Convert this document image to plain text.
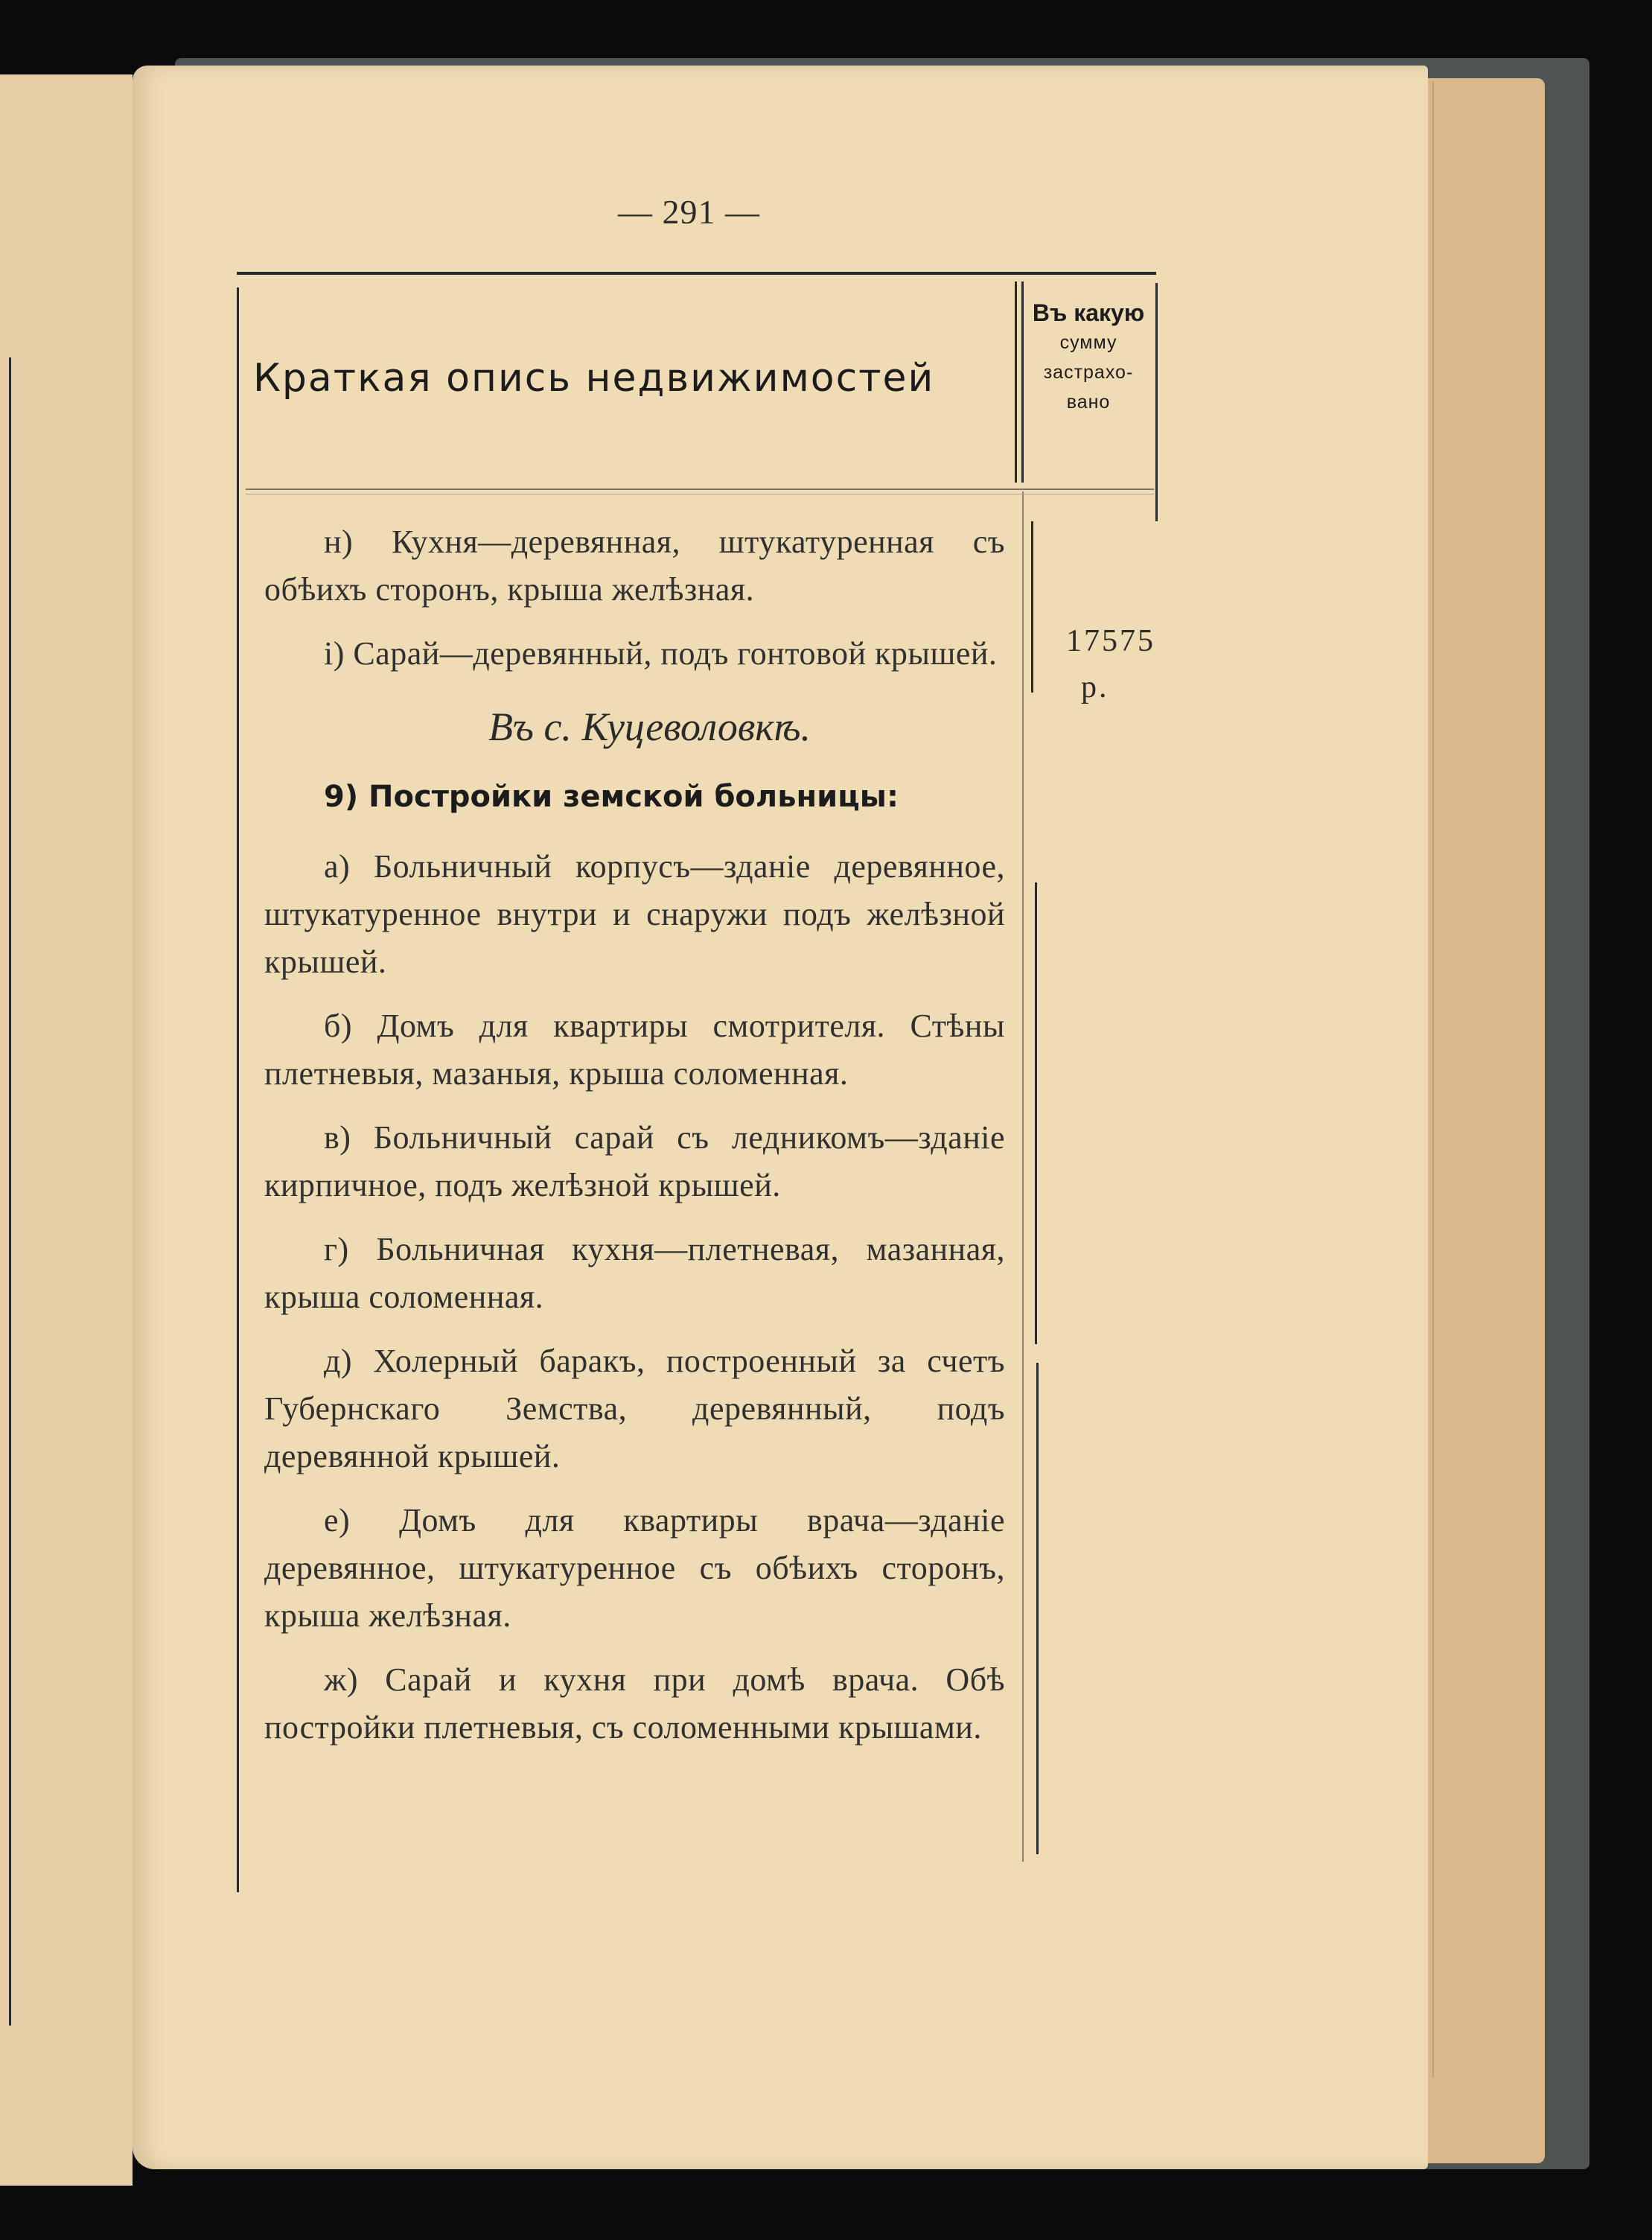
— 291 —
Краткая опись недвижимостей
Въ какую
сумму
застрахо-
вано

н) Кухня—деревянная, штукатуренная съ обѣихъ сторонъ, крыша желѣзная.

і) Сарай—деревянный, подъ гонтовой крышей.

Въ с. Куцеволовкѣ.

9) Постройки земской больницы:

а) Больничный корпусъ—зданіе деревянное, штукатуренное внутри и снаружи подъ желѣзной крышей.

б) Домъ для квартиры смотрителя. Стѣны плетневыя, мазаныя, крыша соломенная.

в) Больничный сарай съ ледникомъ—зданіе кирпичное, подъ желѣзной крышей.

г) Больничная кухня—плетневая, мазанная, крыша соломенная.

д) Холерный баракъ, построенный за счетъ Губернскаго Земства, деревянный, подъ деревянной крышей.

е) Домъ для квартиры врача—зданіе деревянное, штукатуренное съ обѣихъ сторонъ, крыша желѣзная.

ж) Сарай и кухня при домѣ врача. Обѣ постройки плетневыя, съ соломенными крышами.

17575
р.
